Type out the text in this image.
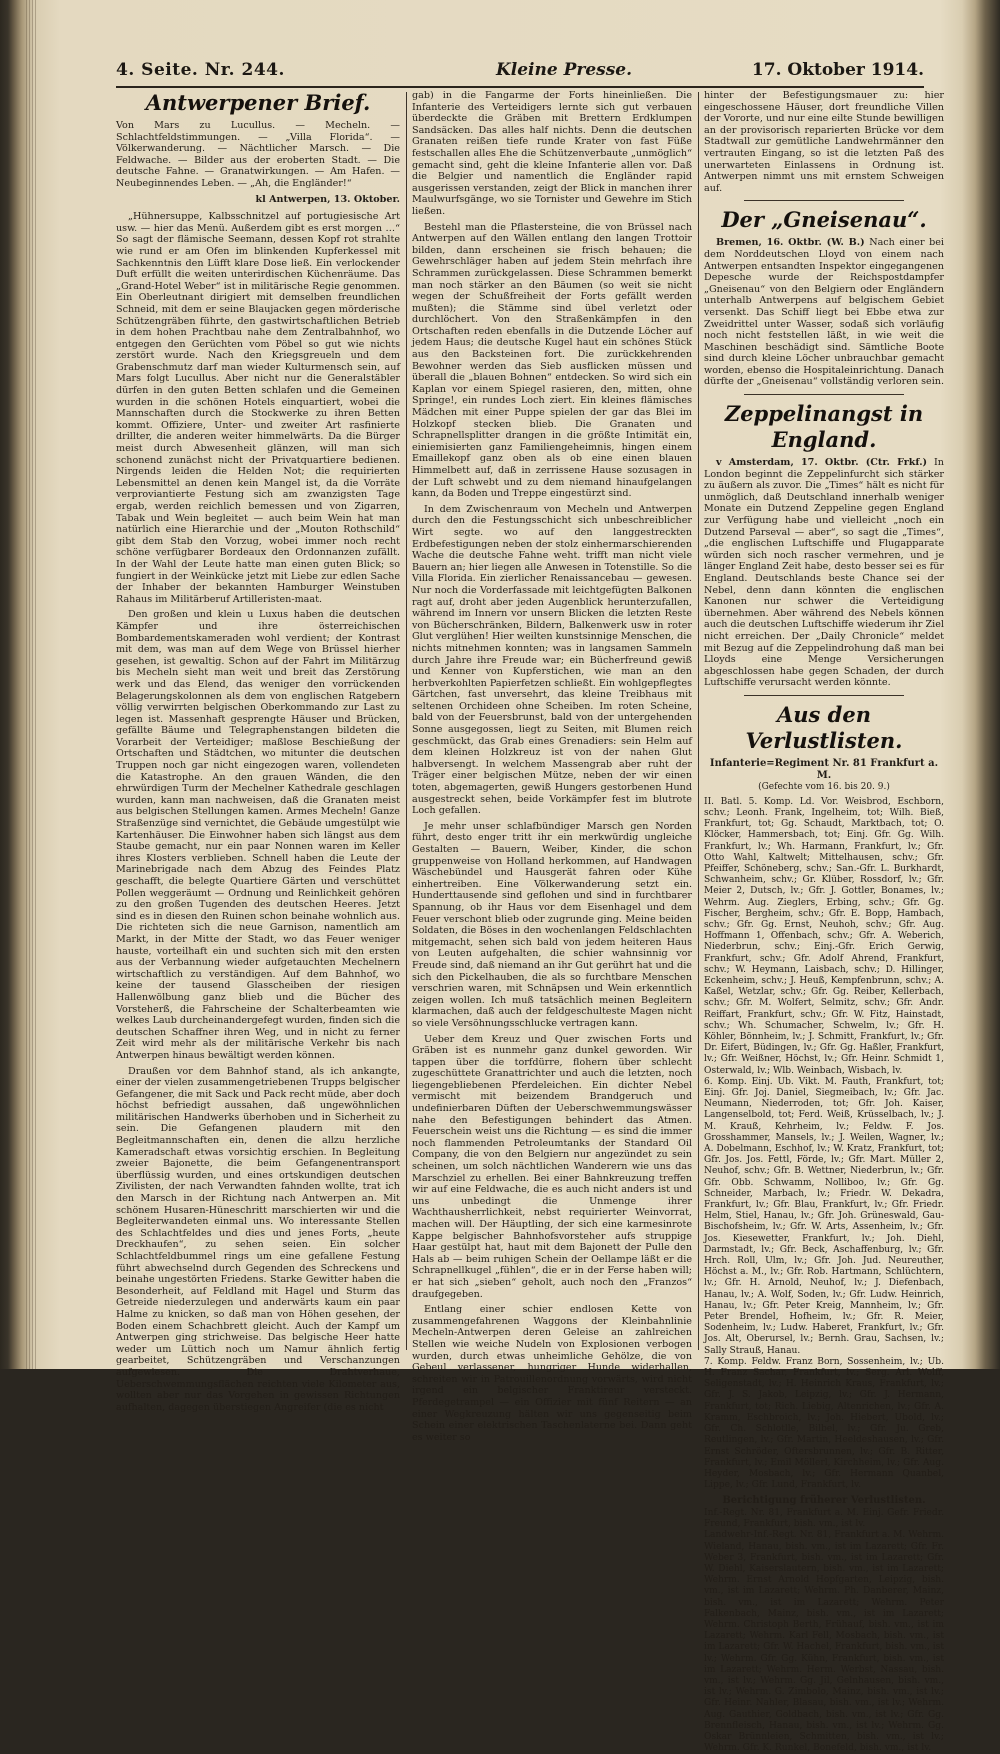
4. Seite. Nr. 244.	Kleine Presse.	17. Oktober 1914.
Antwerpener Brief.

Von Mars zu Lucullus. — Mecheln. — Schlachtfeldstimmungen. — „Villa Florida“. — Völkerwanderung. — Nächtlicher Marsch. — Die Feldwache. — Bilder aus der eroberten Stadt. — Die deutsche Fahne. — Granatwirkungen. — Am Hafen. — Neubeginnendes Leben. — „Ah, die Engländer!“

kl Antwerpen, 13. Oktober.

„Hühnersuppe, Kalbsschnitzel auf portugiesische Art usw. — hier das Menü. Außerdem gibt es erst morgen …“ So sagt der flämische Seemann, dessen Kopf rot strahlte wie rund er am Ofen im blinkenden Kupferkessel mit Sachkenntnis den Lüfft klare Dose ließ. Ein verlockender Duft erfüllt die weiten unterirdischen Küchenräume. Das „Grand-Hotel Weber“ ist in militärische Regie genommen. Ein Oberleutnant dirigiert mit demselben freundlichen Schneid, mit dem er seine Blaujacken gegen mörderische Schützengräben führte, den gastwirtschaftlichen Betrieb in dem hohen Prachtbau nahe dem Zentralbahnhof, wo entgegen den Gerüchten vom Pöbel so gut wie nichts zerstört wurde. Nach den Kriegsgreueln und dem Grabenschmutz darf man wieder Kulturmensch sein, auf Mars folgt Lucullus. Aber nicht nur die Generalstäbler dürfen in den guten Betten schlafen und die Gemeinen wurden in die schönen Hotels einquartiert, wobei die Mannschaften durch die Stockwerke zu ihren Betten kommt. Offiziere, Unter- und zweiter Art rasfinierte drillter, die anderen weiter himmelwärts. Da die Bürger meist durch Abwesenheit glänzen, will man sich schonend zunächst nicht der Privatquartiere bedienen. Nirgends leiden die Helden Not; die requirierten Lebensmittel an denen kein Mangel ist, da die Vorräte verproviantierte Festung sich am zwanzigsten Tage ergab, werden reichlich bemessen und von Zigarren, Tabak und Wein begleitet — auch beim Wein hat man natürlich eine Hierarchie und der „Mouton Rothschild“ gibt dem Stab den Vorzug, wobei immer noch recht schöne verfügbarer Bordeaux den Ordonnanzen zufällt. In der Wahl der Leute hatte man einen guten Blick; so fungiert in der Weinkücke jetzt mit Liebe zur edlen Sache der Inhaber der bekannten Hamburger Weinstuben Rahaus im Militärberuf Artilleristen-maat.

Den großen und klein u Luxus haben die deutschen Kämpfer und ihre österreichischen Bombardementskameraden wohl verdient; der Kontrast mit dem, was man auf dem Wege von Brüssel hierher gesehen, ist gewaltig. Schon auf der Fahrt im Militärzug bis Mecheln sieht man weit und breit das Zerstörung werk und das Elend, das weniger den vorrückenden Belagerungskolonnen als dem von englischen Ratgebern völlig verwirrten belgischen Oberkommando zur Last zu legen ist. Massenhaft gesprengte Häuser und Brücken, gefällte Bäume und Telegraphenstangen bildeten die Vorarbeit der Verteidiger; maßlose Beschießung der Ortschaften und Städtchen, wo mitunter die deutschen Truppen noch gar nicht eingezogen waren, vollendeten die Katastrophe. An den grauen Wänden, die den ehrwürdigen Turm der Mechelner Kathedrale geschlagen wurden, kann man nachweisen, daß die Granaten meist aus belgischen Stellungen kamen. Armes Mecheln! Ganze Straßenzüge sind vernichtet, die Gebäude umgestülpt wie Kartenhäuser. Die Einwohner haben sich längst aus dem Staube gemacht, nur ein paar Nonnen waren im Keller ihres Klosters verblieben. Schnell haben die Leute der Marinebrigade nach dem Abzug des Feindes Platz geschafft, die belegte Quartiere Gärten und verschüttet Pollen weggeräumt — Ordnung und Reinlichkeit gehören zu den großen Tugenden des deutschen Heeres. Jetzt sind es in diesen den Ruinen schon beinahe wohnlich aus. Die richteten sich die neue Garnison, namentlich am Markt, in der Mitte der Stadt, wo das Feuer weniger hauste, vorteilhaft ein und suchten sich mit den ersten aus der Verbannung wieder aufgetauchten Mechelnern wirtschaftlich zu verständigen. Auf dem Bahnhof, wo keine der tausend Glasscheiben der riesigen Hallenwölbung ganz blieb und die Bücher des Vorsteherß, die Fahrscheine der Schalterbeamten wie welkes Laub durcheinandergefegt wurden, finden sich die deutschen Schaffner ihren Weg, und in nicht zu ferner Zeit wird mehr als der militärische Verkehr bis nach Antwerpen hinaus bewältigt werden können.

Draußen vor dem Bahnhof stand, als ich ankangte, einer der vielen zusammengetriebenen Trupps belgischer Gefangener, die mit Sack und Pack recht müde, aber doch höchst befriedigt aussahen, daß ungewöhnlichen militärischen Handwerks überhoben und in Sicherheit zu sein. Die Gefangenen plaudern mit den Begleitmannschaften ein, denen die allzu herzliche Kameradschaft etwas vorsichtig erschien. In Begleitung zweier Bajonette, die beim Gefangenentransport überflüssig wurden, und eines ortskundigen deutschen Zivilisten, der nach Verwandten fahnden wollte, trat ich den Marsch in der Richtung nach Antwerpen an. Mit schönem Husaren-Hüneschritt marschierten wir und die Begleiterwandeten einmal uns. Wo interessante Stellen des Schlachtfeldes und dies und jenes Forts, „heute Dreckhaufen“, zu sehen seien. Ein solcher Schlachtfeldbummel rings um eine gefallene Festung führt abwechselnd durch Gegenden des Schreckens und beinahe ungestörten Friedens. Starke Gewitter haben die Besonderheit, auf Feldland mit Hagel und Sturm das Getreide niederzulegen und anderwärts kaum ein paar Halme zu knicken, so daß man von Höhen gesehen, der Boden einem Schachbrett gleicht. Auch der Kampf um Antwerpen ging strichweise. Das belgische Heer hatte weder um Lüttich noch um Namur ähnlich fertig gearbeitet, Schützengräben und Verschanzungen aufgewiesen. Die Drahtverhaue, Ueberschwemmungsflächen reichten viele Kilometer aus, wollten aber nur das Vorgehen in gewissen Richtungen aufhalten, dagegen überstiegen Angreifer (die es nicht

gab) in die Fangarme der Forts hineinließen. Die Infanterie des Verteidigers lernte sich gut verbauen überdeckte die Gräben mit Brettern Erdklumpen Sandsäcken. Das alles half nichts. Denn die deutschen Granaten reißen tiefe runde Krater von fast Füße festschallen alles Ehe die Schützenverbaute „unmöglich“ gemacht sind, geht die kleine Infanterie allen vor. Daß die Belgier und namentlich die Engländer rapid ausgerissen verstanden, zeigt der Blick in manchen ihrer Maulwurfsgänge, wo sie Tornister und Gewehre im Stich ließen.

Bestehl man die Pflastersteine, die von Brüssel nach Antwerpen auf den Wällen entlang den langen Trottoir bilden, dann erscheinen sie frisch behauen; die Gewehrschläger haben auf jedem Stein mehrfach ihre Schrammen zurückgelassen. Diese Schrammen bemerkt man noch stärker an den Bäumen (so weit sie nicht wegen der Schußfreiheit der Forts gefällt werden mußten); die Stämme sind übel verletzt oder durchlöchert. Von den Straßenkämpfen in den Ortschaften reden ebenfalls in die Dutzende Löcher auf jedem Haus; die deutsche Kugel haut ein schönes Stück aus den Backsteinen fort. Die zurückkehrenden Bewohner werden das Sieb ausflicken müssen und überall die „blauen Bohnen“ entdecken. So wird sich ein Kaplan vor einem Spiegel rasieren, den, mitten, ohne Springe!, ein rundes Loch ziert. Ein kleines flämisches Mädchen mit einer Puppe spielen der gar das Blei im Holzkopf stecken blieb. Die Granaten und Schrapnellsplitter drangen in die größte Intimität ein, einiemisierten ganz Familiengeheimnis, hingen einem Emaillekopf ganz oben als ob eine einen blauen Himmelbett auf, daß in zerrissene Hause sozusagen in der Luft schwebt und zu dem niemand hinaufgelangen kann, da Boden und Treppe eingestürzt sind.

In dem Zwischenraum von Mecheln und Antwerpen durch den die Festungsschicht sich unbeschreiblicher Wirt segte. wo auf den langgestreckten Erdbefestigungen neben der stolz einhermarschierenden Wache die deutsche Fahne weht. trifft man nicht viele Bauern an; hier liegen alle Anwesen in Totenstille. So die Villa Florida. Ein zierlicher Renaissancebau — gewesen. Nur noch die Vorderfassade mit leichtgefügten Balkonen ragt auf, droht aber jeden Augenblick herunterzufallen, während im Innern vor unsern Blicken die letzten Reste von Bücherschränken, Bildern, Balkenwerk usw in roter Glut verglühen! Hier weilten kunstsinnige Menschen, die nichts mitnehmen konnten; was in langsamen Sammeln durch Jahre ihre Freude war; ein Bücherfreund gewiß und Kenner von Kupferstichen, wie man an den herbverkohlten Papierfetzen schließt. Ein wohlgepflegtes Gärtchen, fast unversehrt, das kleine Treibhaus mit seltenen Orchideen ohne Scheiben. Im roten Scheine, bald von der Feuersbrunst, bald von der untergehenden Sonne ausgegossen, liegt zu Seiten, mit Blumen reich geschmückt, das Grab eines Grenadiers: sein Helm auf dem kleinen Holzkreuz ist von der nahen Glut halbversengt. In welchem Massengrab aber ruht der Träger einer belgischen Mütze, neben der wir einen toten, abgemagerten, gewiß Hungers gestorbenen Hund ausgestreckt sehen, beide Vorkämpfer fest im blutrote Loch gefallen.

Je mehr unser schlafbündiger Marsch gen Norden führt, desto enger tritt ihr ein merkwürdig ungleiche Gestalten — Bauern, Weiber, Kinder, die schon gruppenweise von Holland herkommen, auf Handwagen Wäschebündel und Hausgerät fahren oder Kühe einhertreiben. Eine Völkerwanderung setzt ein. Hunderttausende sind geflohen und sind in furchtbarer Spannung, ob ihr Haus vor dem Eisenhagel und dem Feuer verschont blieb oder zugrunde ging. Meine beiden Soldaten, die Böses in den wochenlangen Feldschlachten mitgemacht, sehen sich bald von jedem heiteren Haus von Leuten aufgehalten, die schier wahnsinnig vor Freude sind, daß niemand an ihr Gut gerührt hat und die sich den Pickelhauben, die als so furchtbare Menschen verschrien waren, mit Schnäpsen und Wein erkenntlich zeigen wollen. Ich muß tatsächlich meinen Begleitern klarmachen, daß auch der feldgeschulteste Magen nicht so viele Versöhnungsschlucke vertragen kann.

Ueber dem Kreuz und Quer zwischen Forts und Gräben ist es nunmehr ganz dunkel geworden. Wir tappen über die torfdürre, flohern über schlecht zugeschüttete Granattrichter und auch die letzten, noch liegengebliebenen Pferdeleichen. Ein dichter Nebel vermischt mit beizendem Brandgeruch und undefinierbaren Düften der Ueberschwemmungswässer nahe den Befestigungen behindert das Atmen. Feuerschein weist uns die Richtung — es sind die immer noch flammenden Petroleumtanks der Standard Oil Company, die von den Belgiern nur angezündet zu sein scheinen, um solch nächtlichen Wanderern wie uns das Marschziel zu erhellen. Bei einer Bahnkreuzung treffen wir auf eine Feldwache, die es auch nicht anders ist und uns unbedingt die Unmenge ihrer Wachthausherrlichkeit, nebst requirierter Weinvorrat, machen will. Der Häuptling, der sich eine karmesinrote Kappe belgischer Bahnhofsvorsteher aufs struppige Haar gestülpt hat, haut mit dem Bajonett der Pulle den Hals ab — beim ruhigen Schein der Oellampe läßt er die Schrapnellkugel „fühlen“, die er in der Ferse haben will; er hat sich „sieben“ geholt, auch noch den „Franzos“ draufgegeben.

Entlang einer schier endlosen Kette von zusammengefahrenen Waggons der Kleinbahnlinie Mecheln-Antwerpen deren Geleise an zahlreichen Stellen wie weiche Nudeln von Explosionen verbogen wurden, durch etwas unheimliche Gehölze, die von Gebeul verlassener, hungriger Hunde widerhallen, schreiten wir in Patrouillenordnung vorwärts, wird nicht irgend ein belgischer Franktireur versteckt. Pferdegetrampel — ein Offizier mit fünf Reitern — an einer Wegkreuzung hälten wir uns gegenseitig beim Schein einer elektrischen Taschenlaterne bei. Dann geht es weiter so

hinter der Befestigungsmauer zu: hier eingeschossene Häuser, dort freundliche Villen der Vororte, und nur eine eilte Stunde bewilligen an der provisorisch reparierten Brücke vor dem Stadtwall zur gemütliche Landwehrmänner den vertrauten Eingang, so ist die letzten Paß des unerwarteten Einlassens in Ordnung ist. Antwerpen nimmt uns mit ernstem Schweigen auf.

Der „Gneisenau“.

Bremen, 16. Oktbr. (W. B.) Nach einer bei dem Norddeutschen Lloyd von einem nach Antwerpen entsandten Inspektor eingegangenen Depesche wurde der Reichspostdampfer „Gneisenau“ von den Belgiern oder Engländern unterhalb Antwerpens auf belgischem Gebiet versenkt. Das Schiff liegt bei Ebbe etwa zur Zweidrittel unter Wasser, sodaß sich vorläufig noch nicht feststellen läßt, in wie weit die Maschinen beschädigt sind. Sämtliche Boote sind durch kleine Löcher unbrauchbar gemacht worden, ebenso die Hospitaleinrichtung. Danach dürfte der „Gneisenau“ vollständig verloren sein.

Zeppelinangst in England.

v Amsterdam, 17. Oktbr. (Ctr. Frkf.) In London beginnt die Zeppelinfurcht sich stärker zu äußern als zuvor. Die „Times“ hält es nicht für unmöglich, daß Deutschland innerhalb weniger Monate ein Dutzend Zeppeline gegen England zur Verfügung habe und vielleicht „noch ein Dutzend Parseval — aber“, so sagt die „Times“, „die englischen Luftschiffe und Flugapparate würden sich noch rascher vermehren, und je länger England Zeit habe, desto besser sei es für England. Deutschlands beste Chance sei der Nebel, denn dann könnten die englischen Kanonen nur schwer die Verteidigung übernehmen. Aber während des Nebels können auch die deutschen Luftschiffe wiederum ihr Ziel nicht erreichen. Der „Daily Chronicle“ meldet mit Bezug auf die Zeppelindrohung daß man bei Lloyds eine Menge Versicherungen abgeschlossen habe gegen Schaden, der durch Luftschiffe verursacht werden könnte.

Aus den Verlustlisten.

Infanterie=Regiment Nr. 81 Frankfurt a. M.

(Gefechte vom 16. bis 20. 9.)

II. Batl. 5. Komp. Ld. Vor. Weisbrod, Eschborn, schv.; Leonh. Frank, Ingelheim, tot; Wilh. Bieß, Frankfurt, tot; Gg. Schaudt, Marktbach, tot; O. Klöcker, Hammersbach, tot; Einj. Gfr. Gg. Wilh. Frankfurt, lv.; Wh. Harmann, Frankfurt, lv.; Gfr. Otto Wahl, Kaltwelt; Mittelhausen, schv.; Gfr. Pfeiffer, Schöneberg, schv.; San.-Gfr. L. Burkhardt, Schwanheim, schv.; Gr. Klüber, Rossdorf, lv.; Gfr. Meier 2, Dutsch, lv.; Gfr. J. Gottler, Bonames, lv.; Wehrm. Aug. Zieglers, Erbing, schv.; Gfr. Gg. Fischer, Bergheim, schv.; Gfr. E. Bopp, Hambach, schv.; Gfr. Gg. Ernst, Neuhoh, schv.; Gfr. Aug. Hoffmann 1, Offenbach, schv.; Gfr. A. Weberich, Niederbrun, schv.; Einj.-Gfr. Erich Gerwig, Frankfurt, schv.; Gfr. Adolf Ahrend, Frankfurt, schv.; W. Heymann, Laisbach, schv.; D. Hillinger, Eckenheim, schv.; J. Heuß, Kempfenbrunn, schv.; A. Kaßel, Wetzlar, schv.; Gfr. Gg. Reiber, Kellerbach, schv.; Gfr. M. Wolfert, Selmitz, schv.; Gfr. Andr. Reiffart, Frankfurt, schv.; Gfr. W. Fitz, Hainstadt, schv.; Wh. Schumacher, Schwelm, lv.; Gfr. H. Köhler, Bönnheim, lv.; J. Schmitt, Frankfurt, lv.; Gfr. Dr. Eifert, Büdingen, lv.; Gfr. Gg. Haßler, Frankfurt, lv.; Gfr. Weißner, Höchst, lv.; Gfr. Heinr. Schmidt 1, Osterwald, lv.; Wlb. Weinbach, Wisbach, lv.
6. Komp. Einj. Ub. Vikt. M. Fauth, Frankfurt, tot; Einj. Gfr. Joj. Daniel, Siegmeibach, lv.; Gfr. Jac. Neumann, Niederroden, tot; Gfr. Joh. Kaiser, Langenselbold, tot; Ferd. Weiß, Krüsselbach, lv.; J. M. Krauß, Kehrheim, lv.; Feldw. F. Jos. Grosshammer, Mansels, lv.; J. Weilen, Wagner, lv.; A. Dobelmann, Eschhof, lv.; W. Kratz, Frankfurt, tot; Gfr. Jos. Jos. Fettl, Förde, lv.; Gfr. Mart. Müller 2, Neuhof, schv.; Gfr. B. Wettner, Niederbrun, lv.; Gfr. Gfr. Obb. Schwamm, Nolliboo, lv.; Gfr. Gg. Schneider, Marbach, lv.; Friedr. W. Dekadra, Frankfurt, lv.; Gfr. Blau, Frankfurt, lv.; Gfr. Friedr. Helm, Stiel, Hanau, lv.; Gfr. Joh. Grüneswald, Gau-Bischofsheim, lv.; Gfr. W. Arts, Assenheim, lv.; Gfr. Jos. Kiesewetter, Frankfurt, lv.; Joh. Diehl, Darmstadt, lv.; Gfr. Beck, Aschaffenburg, lv.; Gfr. Hrch. Roll, Ulm, lv.; Gfr. Joh. Jud. Neureuther, Höchst a. M., lv.; Gfr. Rob. Hartmann, Schlüchtern, lv.; Gfr. H. Arnold, Neuhof, lv.; J. Diefenbach, Hanau, lv.; A. Wolf, Soden, lv.; Gfr. Ludw. Heinrich, Hanau, lv.; Gfr. Peter Kreig, Mannheim, lv.; Gfr. Peter Brendel, Hofheim, lv.; Gfr. R. Meier, Sodenheim, lv.; Ludw. Haberet, Frankfurt, lv.; Gfr. Jos. Alt, Oberursel, lv.; Bernh. Grau, Sachsen, lv.; Sally Strauß, Hanau.
7. Komp. Feldw. Franz Born, Sossenheim, lv.; Ub. H. Franz Sachar, Frankfurt, lv.; Serg. Arl. Wolff, Seligenstadt, lv.; H. Heinrich Kraus, Frankfurt, lv.; Gfr. J. S. Jakob, Leipzig, lv.; Gfr. J. Hermann, Frankfurt, tot; Rich. Liebig, Altenrichen, lv.; Gfr. A. Kramm, Eschbroich, lv.; Joh. Hiebert, Ubold, lv.; Gfr. Ch. Schlotlle, Bilbel, lv.; Gfr. Ju. Greb, Reutlingen, lv.; Gfr. Martin, Heeldeshausen, lv.; Gfr. Ernst Schröder, Oftersbrunnen, lv.; Gfr. B. Ritter, Frankfurt, lv.; Emil Möllerl, Kirchheim, lv.; Gfr. Aug. Heyder, Mosbach, lv.; Gfr. Hermann Quanbel, Lippe, lv.; Gfr. Lund, Frankfurt, lv.

Berichtigung früherer Verlustlisten.

Inf.-Regt. Nr. 81, Frankfurt a. M. Einj. Gefr. Friedr. Freund, Frankfurt, bish. vm., ist lv.
Landwehr-Inf.-Regt. Nr. 81, Frankfurt a. M. Wehrm. Wieland, Hanau, bish. vm., ist im Lazarett; Gfr. Fr. Weber 3, Frankfurt, bish. vm., ist im Lazarett; Gfr. W. Diehl, Kaiserslautern, bish. vm., ist im Lazarett; Wehrm. Ernst Arnold Hopfgarten, Leipzig, bish. vm., ist im Lazarett; Wehrm. Ph. Danberer, Mainz, bish. vm., ist im Lazarett; Wehrm. Peter Falkenbach, Mainz, bish. vm., ist im Lazarett; Wehrm. Christoph Berth, Frühauf, bish. vm., ist im Lazarett; Wehrm. Karl Fell, Mosbach, bish. vm., ist im Lazarett; Gfr. W. Hachel, Frankfurt, bish. vm., ist lv.; Wehrm. Gfr. Gg. Kühn, Frankfurt, bish. vm., ist im Lazarett; Wehrm. Herm. Werbst, Nassau, bish. vm., ist lv.; Wehrm. Gg. Jil, Gelnhausen, bish. vm., ist lv.; Wehrm. G. Zimbolo, Mainz, bish. vm., ist lv.; Gfr. Heinr. Nahler, Blasau, bish. vm., ist lv.; Wehrm. Aug. Gauthier, Goldbach, bish. vm., ist lv.; Gfr. Gg. Brennfleisch, Hanau, bish. vm., ist lv.; Wehrm. Gg. Oskar Brünnleien, Schmitten, bish. vm., ist lv.; Wehrm. Gfr. K. Runkel, Bonefeld, bish. vm., ist lv.
